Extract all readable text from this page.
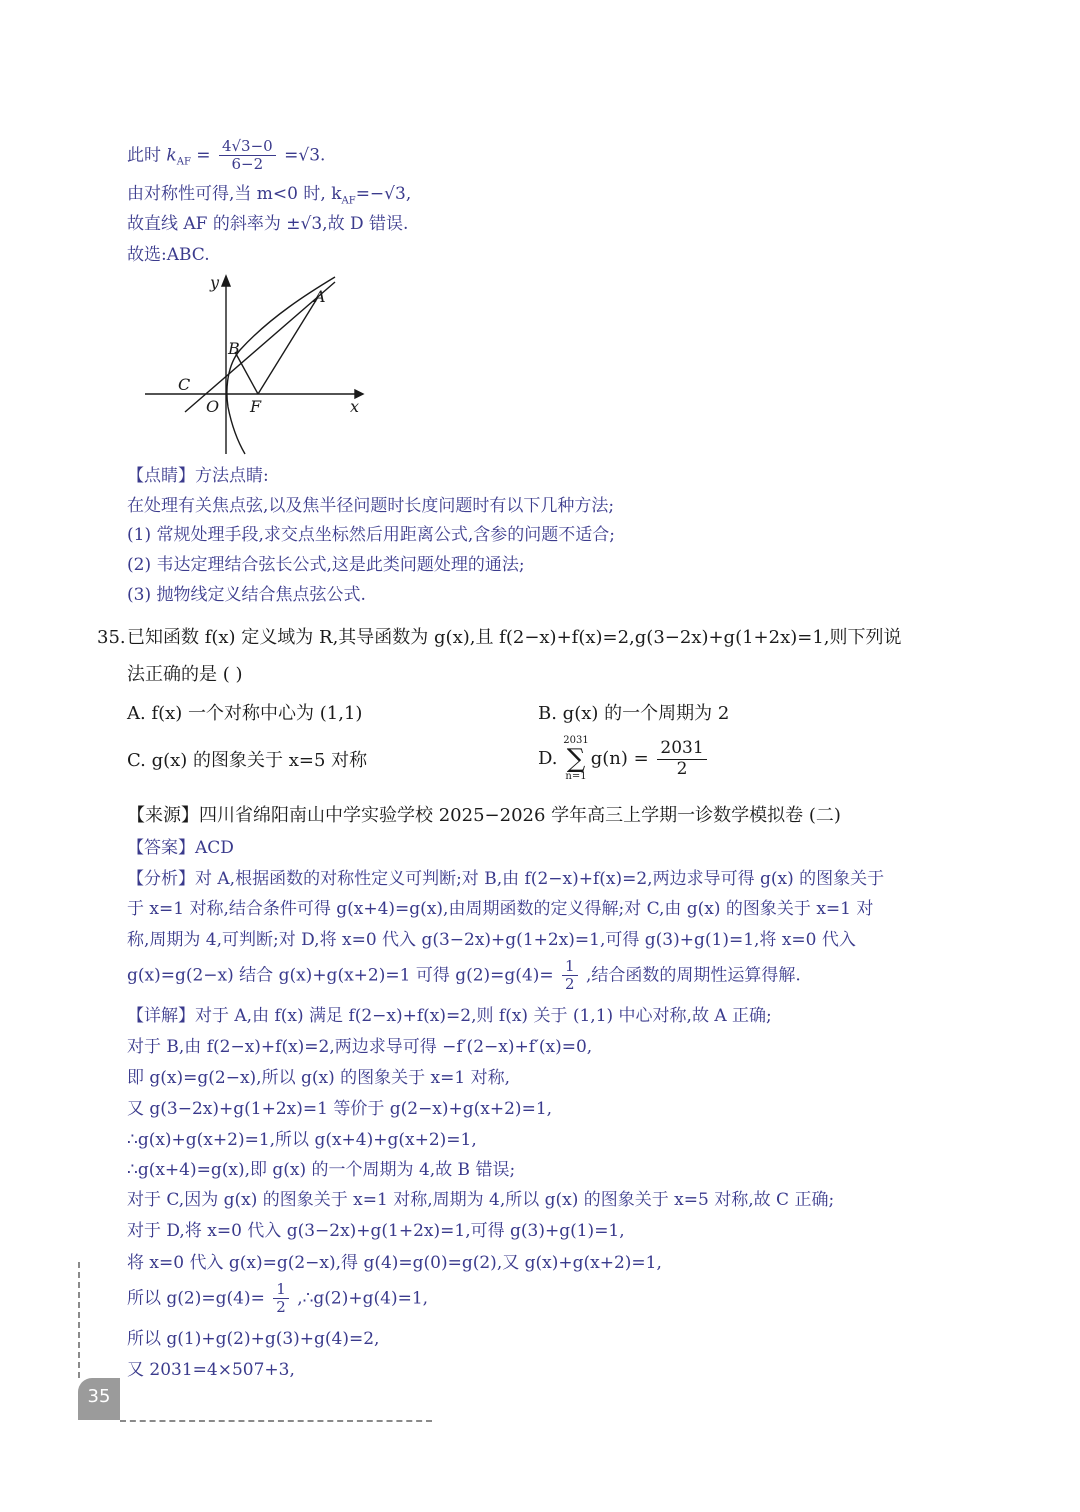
此时 $k_{AF} = \frac{4√3-0}{6-2} =√3$.
由对称性可得,当 m<0 时, $k_{AF}=-√3$,
故直线 AF 的斜率为 ±√3,故 D 错误.
故选:ABC.
y
x
A
B
C
O F
【点睛】方法点睛:
在处理有关焦点弦,以及焦半径问题时长度问题时有以下几种方法;
(1) 常规处理手段,求交点坐标然后用距离公式,含参的问题不适合;
(2) 韦达定理结合弦长公式,这是此类问题处理的通法;
(3) 抛物线定义结合焦点弦公式.
35. 已知函数 f(x) 定义域为 R,其导函数为 g(x),且 f(2−x)+f(x)=2,g(3−2x)+g(1+2x)=1,则下列说
法正确的是 ( )
A. f(x) 一个对称中心为 (1,1)	B. g(x) 的一个周期为 2
C. g(x) 的图象关于 x=5 对称	D. 2031
∑
$n=1g(n) = \frac{2031}{2}$
【来源】四川省绵阳南山中学实验学校 2025−2026 学年高三上学期一诊数学模拟卷 (二)
【答案】ACD
【分析】对 A,根据函数的对称性定义可判断;对 B,由 f(2−x)+f(x)=2,两边求导可得 g(x) 的图象关于
于 x=1 对称,结合条件可得 g(x+4)=g(x),由周期函数的定义得解;对 C,由 g(x) 的图象关于 x=1 对
称,周期为 4,可判断;对 D,将 x=0 代入 g(3−2x)+g(1+2x)=1,可得 g(3)+g(1)=1,将 x=0 代入
g(x)=g(2−x) 结合 g(x)+g(x+2)=1 可得 $g(2)=g(4)= \frac{1}{2}$ ,结合函数的周期性运算得解.
【详解】对于 A,由 f(x) 满足 f(2−x)+f(x)=2,则 f(x) 关于 (1,1) 中心对称,故 A 正确;
对于 B,由 f(2−x)+f(x)=2,两边求导可得 −f′(2−x)+f′(x)=0,
即 g(x)=g(2−x),所以 g(x) 的图象关于 x=1 对称,
又 g(3−2x)+g(1+2x)=1 等价于 g(2−x)+g(x+2)=1,
∴g(x)+g(x+2)=1,所以 g(x+4)+g(x+2)=1,
∴g(x+4)=g(x),即 g(x) 的一个周期为 4,故 B 错误;
对于 C,因为 g(x) 的图象关于 x=1 对称,周期为 4,所以 g(x) 的图象关于 x=5 对称,故 C 正确;
对于 D,将 x=0 代入 g(3−2x)+g(1+2x)=1,可得 g(3)+g(1)=1,
将 x=0 代入 g(x)=g(2−x),得 g(4)=g(0)=g(2),又 g(x)+g(x+2)=1,
所以 $g(2)=g(4)= \frac{1}{2}$ ,∴g(2)+g(4)=1,
所以 g(1)+g(2)+g(3)+g(4)=2,
又 2031=4×507+3,
35
